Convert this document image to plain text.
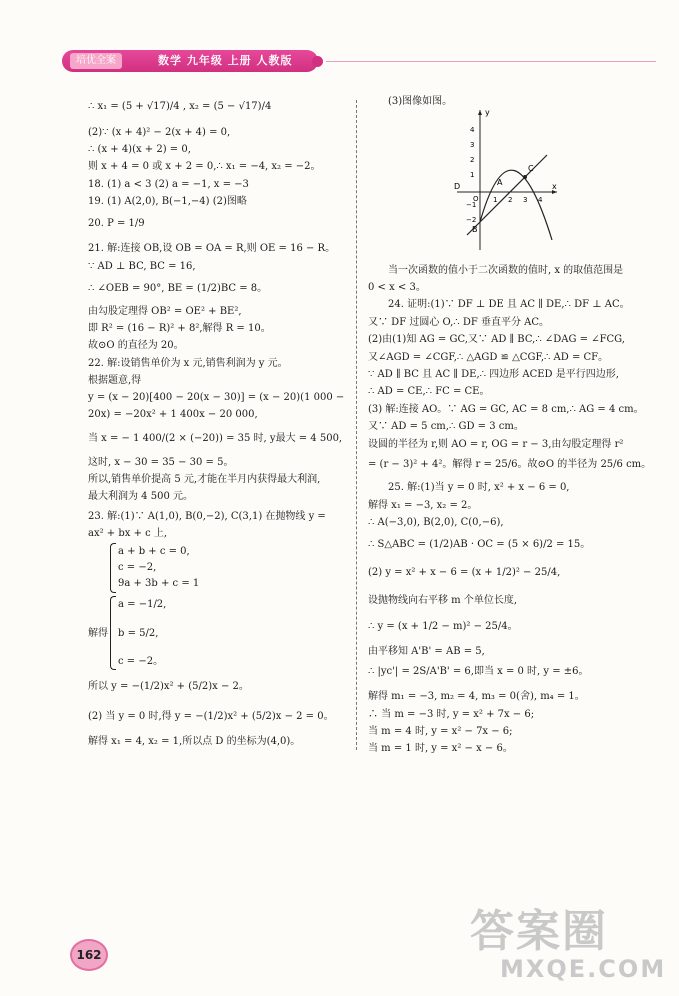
培优全案	数学 九年级 上册 人教版
∴ x₁ = (5 + √17)/4 , x₂ = (5 − √17)/4
(2)∵ (x + 4)² − 2(x + 4) = 0,
∴ (x + 4)(x + 2) = 0,
则 x + 4 = 0 或 x + 2 = 0,∴ x₁ = −4, x₂ = −2。
18. (1) a < 3 (2) a = −1, x = −3
19. (1) A(2,0), B(−1,−4) (2)图略
20. P = 1/9
21. 解:连接 OB,设 OB = OA = R,则 OE = 16 − R。
∵ AD ⊥ BC, BC = 16,
∴ ∠OEB = 90°, BE = (1/2)BC = 8。
由勾股定理得 OB² = OE² + BE²,
即 R² = (16 − R)² + 8²,解得 R = 10。
故⊙O 的直径为 20。
22. 解:设销售单价为 x 元,销售利润为 y 元。
根据题意,得
y = (x − 20)[400 − 20(x − 30)] = (x − 20)(1 000 −
20x) = −20x² + 1 400x − 20 000,
当 x = − 1 400/(2 × (−20)) = 35 时, y最大 = 4 500,
这时, x − 30 = 35 − 30 = 5。
所以,销售单价提高 5 元,才能在半月内获得最大利润,
最大利润为 4 500 元。
23. 解:(1)∵ A(1,0), B(0,−2), C(3,1) 在抛物线 y =
ax² + bx + c 上,
a + b + c = 0,
c = −2,
9a + 3b + c = 1
a = −1/2,
解得 b = 5/2,
c = −2。
所以 y = −(1/2)x² + (5/2)x − 2。
(2) 当 y = 0 时,得 y = −(1/2)x² + (5/2)x − 2 = 0。
解得 x₁ = 4, x₂ = 1,所以点 D 的坐标为(4,0)。
(3)图像如图。
y
x
4
3
2
1
−1
−2
1 2 3 4
D	A
C
B
O
当一次函数的值小于二次函数的值时, x 的取值范围是
0 < x < 3。
24. 证明:(1)∵ DF ⊥ DE 且 AC ∥ DE,∴ DF ⊥ AC。
又∵ DF 过圆心 O,∴ DF 垂直平分 AC。
(2)由(1)知 AG = GC,又∵ AD ∥ BC,∴ ∠DAG = ∠FCG,
又∠AGD = ∠CGF,∴ △AGD ≌ △CGF,∴ AD = CF。
∵ AD ∥ BC 且 AC ∥ DE,∴ 四边形 ACED 是平行四边形,
∴ AD = CE,∴ FC = CE。
(3) 解:连接 AO。∵ AG = GC, AC = 8 cm,∴ AG = 4 cm。
又∵ AD = 5 cm,∴ GD = 3 cm。
设圆的半径为 r,则 AO = r, OG = r − 3,由勾股定理得 r²
= (r − 3)² + 4²。解得 r = 25/6。故⊙O 的半径为 25/6 cm。
25. 解:(1)当 y = 0 时, x² + x − 6 = 0,
解得 x₁ = −3, x₂ = 2。
∴ A(−3,0), B(2,0), C(0,−6),
∴ S△ABC = (1/2)AB · OC = (5 × 6)/2 = 15。
(2) y = x² + x − 6 = (x + 1/2)² − 25/4,
设抛物线向右平移 m 个单位长度,
∴ y = (x + 1/2 − m)² − 25/4。
由平移知 A'B' = AB = 5,
∴ |yc'| = 2S/A'B' = 6,即当 x = 0 时, y = ±6。
解得 m₁ = −3, m₂ = 4, m₃ = 0(舍), m₄ = 1。
∴ 当 m = −3 时, y = x² + 7x − 6;
当 m = 4 时, y = x² − 7x − 6;
当 m = 1 时, y = x² − x − 6。
162	答案圈
MXQE.COM
